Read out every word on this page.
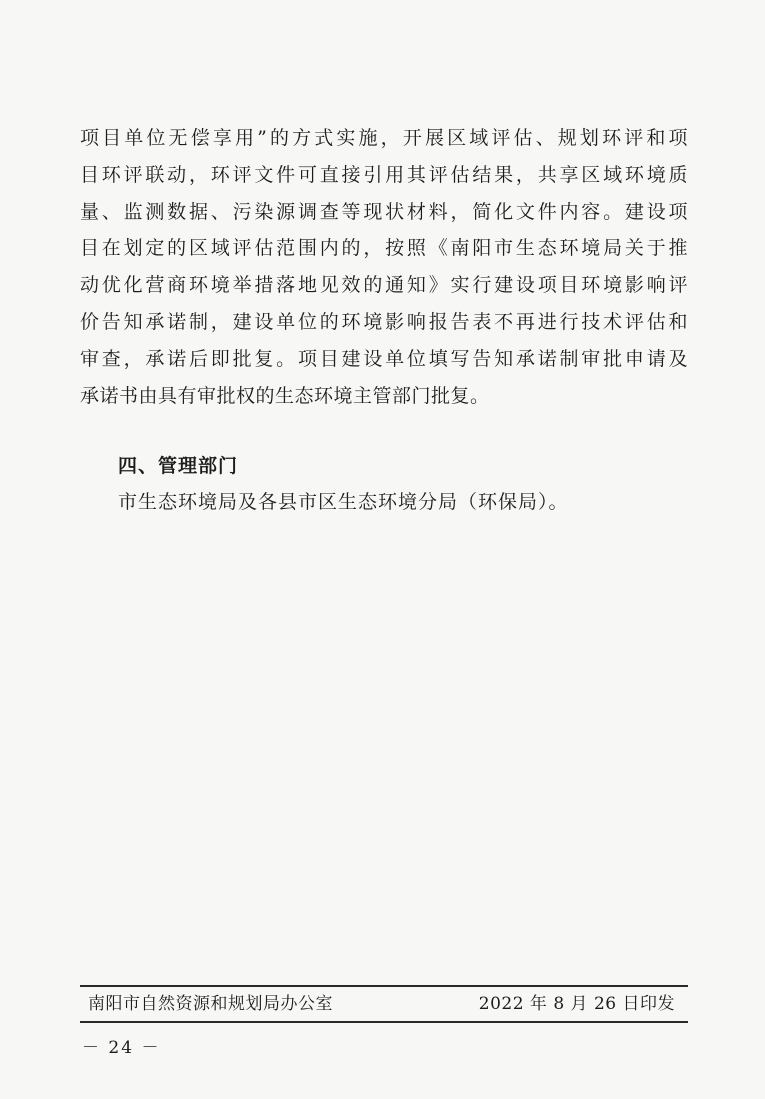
项目单位无偿享用”的方式实施，开展区域评估、规划环评和项
目环评联动，环评文件可直接引用其评估结果，共享区域环境质
量、监测数据、污染源调查等现状材料，简化文件内容。建设项
目在划定的区域评估范围内的，按照《南阳市生态环境局关于推
动优化营商环境举措落地见效的通知》实行建设项目环境影响评
价告知承诺制，建设单位的环境影响报告表不再进行技术评估和
审查，承诺后即批复。项目建设单位填写告知承诺制审批申请及
承诺书由具有审批权的生态环境主管部门批复。
四、管理部门
市生态环境局及各县市区生态环境分局（环保局）。
南阳市自然资源和规划局办公室	2022 年 8 月 26 日印发
－ 24 －
